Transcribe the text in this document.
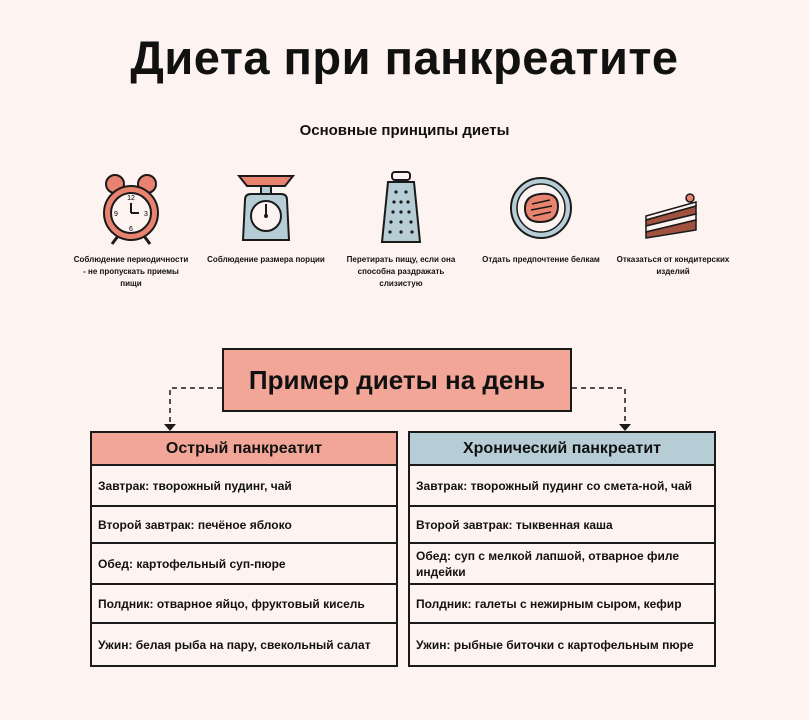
Диета при панкреатите
Основные принципы диеты
12
3
6
9
Соблюдение периодичности - не пропускать приемы пищи
Соблюдение размера порции	Перетирать пищу, если она способна раздражать слизистую
Отдать предпочтение белкам	Отказаться от кондитерских изделий
Пример диеты на день
Острый панкреатит
Завтрак: творожный пудинг, чай
Второй завтрак: печёное яблоко
Обед: картофельный суп-пюре
Полдник: отварное яйцо, фруктовый кисель
Ужин: белая рыба на пару, свекольный салат
Хронический панкреатит
Завтрак: творожный пудинг со смета-ной, чай
Второй завтрак: тыквенная каша
Обед: суп с мелкой лапшой, отварное филе индейки
Полдник: галеты с нежирным сыром, кефир
Ужин: рыбные биточки с картофельным пюре
